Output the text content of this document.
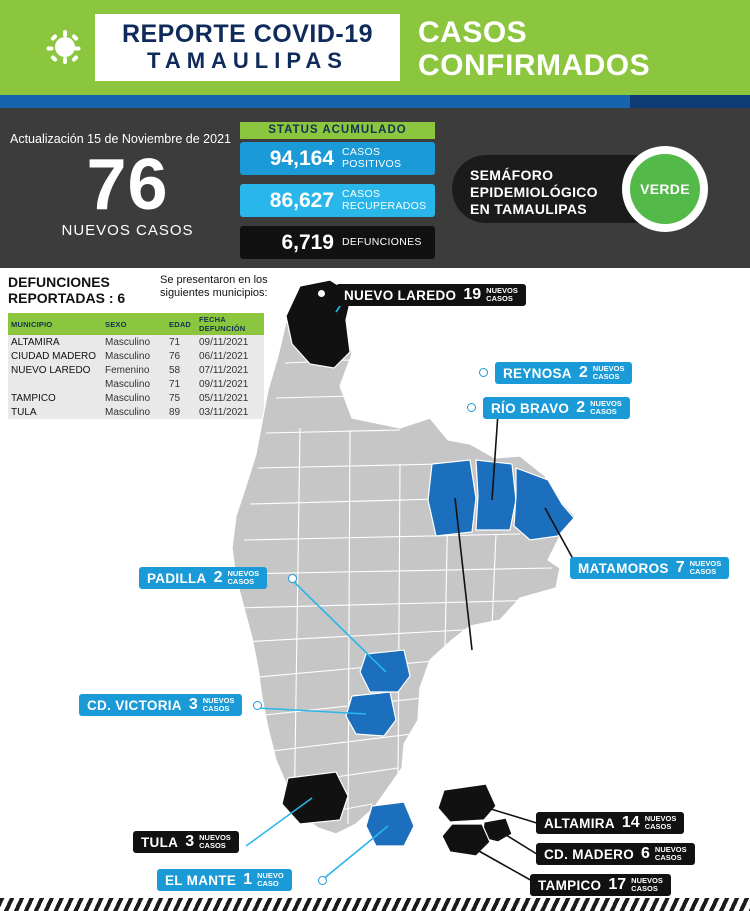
REPORTE COVID-19
TAMAULIPAS
CASOS
CONFIRMADOS
Actualización 15 de Noviembre de 2021
76
NUEVOS CASOS
STATUS ACUMULADO
94,164 CASOS
POSITIVOS
86,627 CASOS
RECUPERADOS
6,719 DEFUNCIONES
SEMÁFORO
EPIDEMIOLÓGICO
EN TAMAULIPAS
VERDE
DEFUNCIONES
REPORTADAS : 6
Se presentaron en los siguientes municipios:
MUNICIPIO	SEXO	EDAD	FECHA DEFUNCIÓN
ALTAMIRA	Masculino	71	09/11/2021
CIUDAD MADERO	Masculino	76	06/11/2021
NUEVO LAREDO	Femenino	58	07/11/2021
	Masculino	71	09/11/2021
TAMPICO	Masculino	75	05/11/2021
TULA	Masculino	89	03/11/2021
NUEVO LAREDO 19 NUEVOS
CASOS
REYNOSA 2 NUEVOS
CASOS
RÍO BRAVO 2 NUEVOS
CASOS
MATAMOROS 7 NUEVOS
CASOS
PADILLA 2 NUEVOS
CASOS
CD. VICTORIA 3 NUEVOS
CASOS
TULA 3 NUEVOS
CASOS
EL MANTE 1 NUEVO
CASO
ALTAMIRA 14 NUEVOS
CASOS
CD. MADERO 6 NUEVOS
CASOS
TAMPICO 17 NUEVOS
CASOS
